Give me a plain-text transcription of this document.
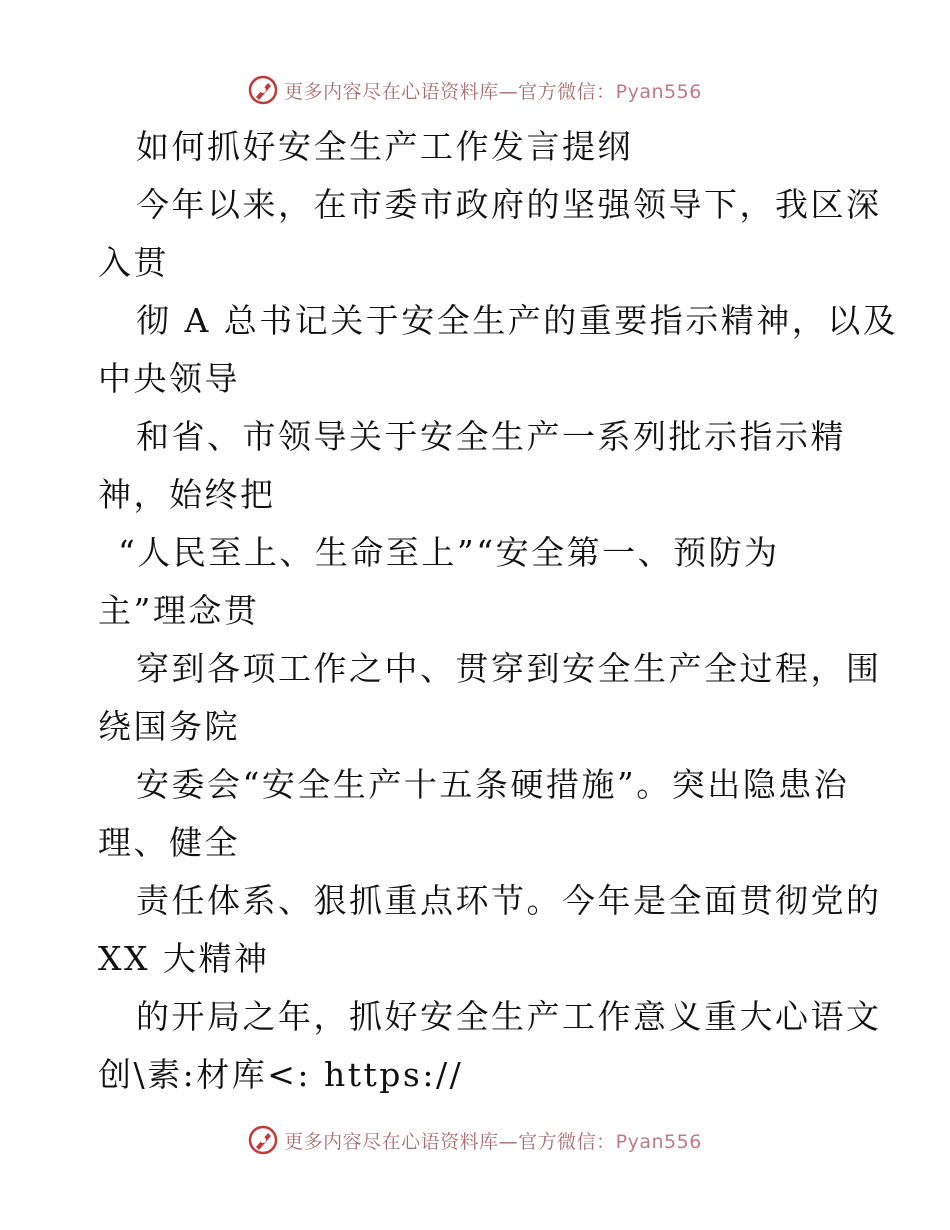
更多内容尽在心语资料库—官方微信：Pyan556
如何抓好安全生产工作发言提纲
今年以来，在市委市政府的坚强领导下，我区深
入贯
彻 A 总书记关于安全生产的重要指示精神，以及
中央领导
和省、市领导关于安全生产一系列批示指示精
神，始终把
“人民至上、生命至上”“安全第一、预防为
主”理念贯
穿到各项工作之中、贯穿到安全生产全过程，围
绕国务院
安委会“安全生产十五条硬措施”。突出隐患治
理、健全
责任体系、狠抓重点环节。今年是全面贯彻党的
XX 大精神
的开局之年，抓好安全生产工作意义重大心语文
创\素:材库<: https://
更多内容尽在心语资料库—官方微信：Pyan556
